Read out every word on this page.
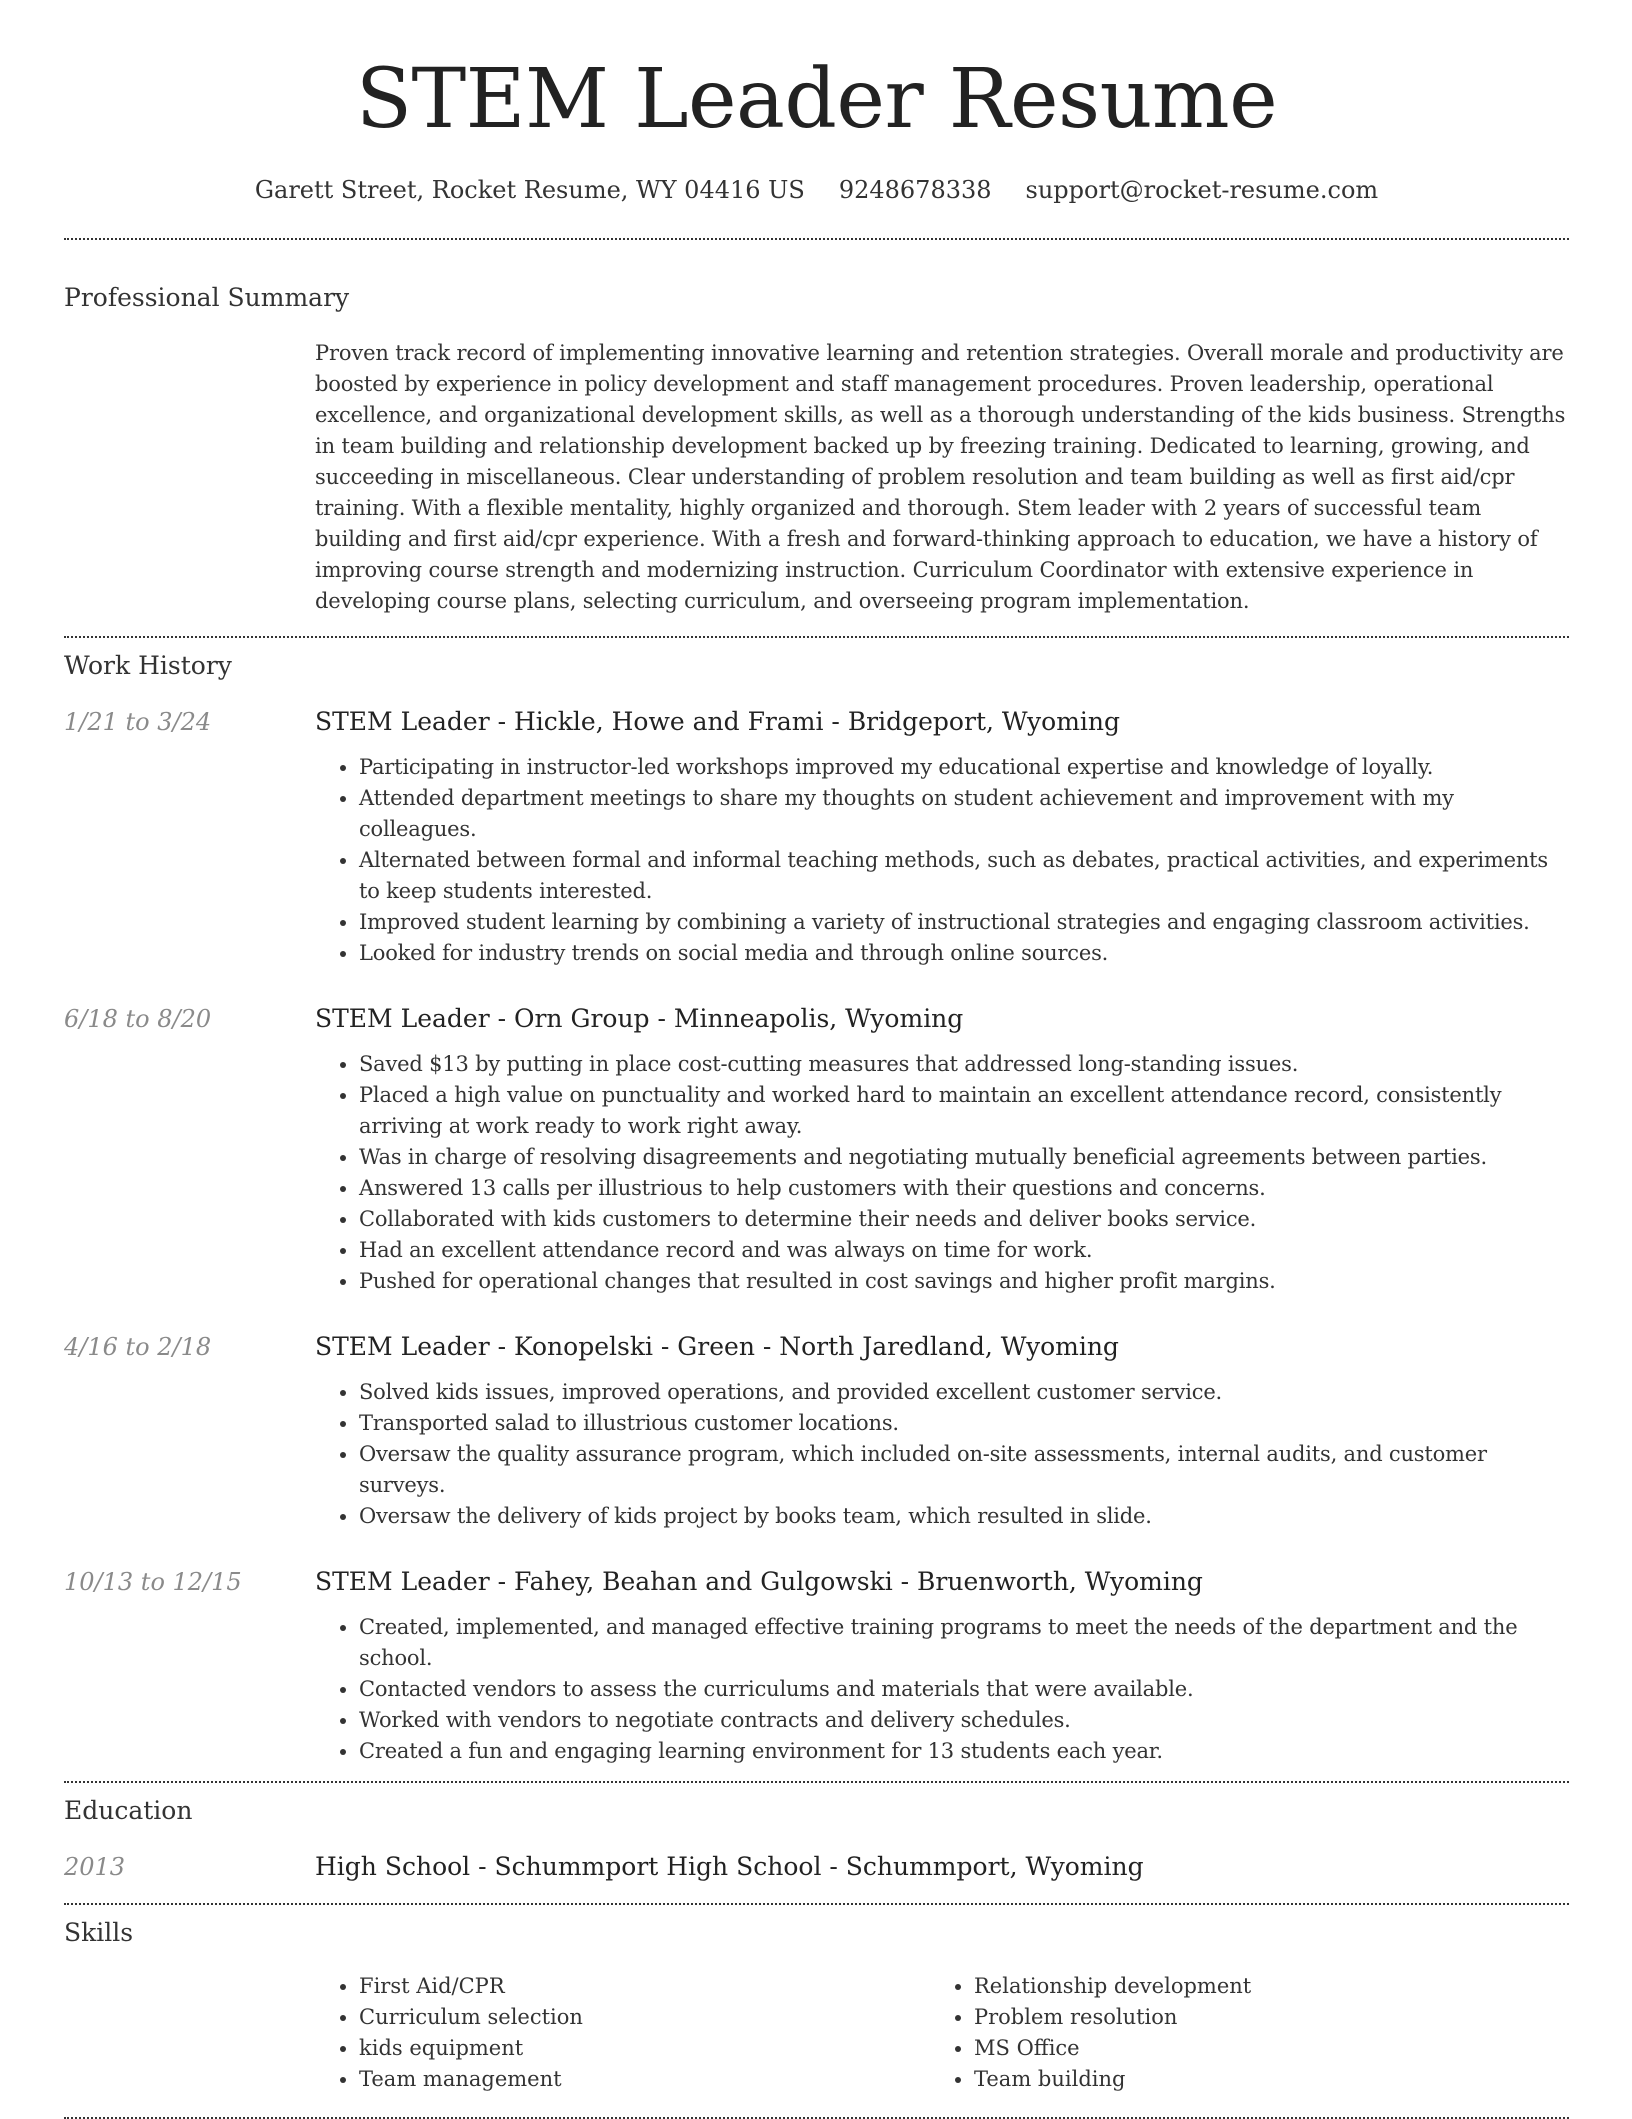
STEM Leader Resume
Garett Street, Rocket Resume, WY 04416 US 9248678338 support@rocket-resume.com
Professional Summary

Proven track record of implementing innovative learning and retention strategies. Overall morale and productivity are boosted by experience in policy development and staff management procedures. Proven leadership, operational excellence, and organizational development skills, as well as a thorough understanding of the kids business. Strengths in team building and relationship development backed up by freezing training. Dedicated to learning, growing, and succeeding in miscellaneous. Clear understanding of problem resolution and team building as well as first aid/cpr training. With a flexible mentality, highly organized and thorough. Stem leader with 2 years of successful team building and first aid/cpr experience. With a fresh and forward-thinking approach to education, we have a history of improving course strength and modernizing instruction. Curriculum Coordinator with extensive experience in developing course plans, selecting curriculum, and overseeing program implementation.

Work History
1/21 to 3/24	STEM Leader - Hickle, Howe and Frami - Bridgeport, Wyoming

• Participating in instructor-led workshops improved my educational expertise and knowledge of loyally.
• Attended department meetings to share my thoughts on student achievement and improvement with my colleagues.
• Alternated between formal and informal teaching methods, such as debates, practical activities, and experiments to keep students interested.
• Improved student learning by combining a variety of instructional strategies and engaging classroom activities.
• Looked for industry trends on social media and through online sources.
6/18 to 8/20	STEM Leader - Orn Group - Minneapolis, Wyoming

• Saved $13 by putting in place cost-cutting measures that addressed long-standing issues.
• Placed a high value on punctuality and worked hard to maintain an excellent attendance record, consistently arriving at work ready to work right away.
• Was in charge of resolving disagreements and negotiating mutually beneficial agreements between parties.
• Answered 13 calls per illustrious to help customers with their questions and concerns.
• Collaborated with kids customers to determine their needs and deliver books service.
• Had an excellent attendance record and was always on time for work.
• Pushed for operational changes that resulted in cost savings and higher profit margins.
4/16 to 2/18	STEM Leader - Konopelski - Green - North Jaredland, Wyoming

• Solved kids issues, improved operations, and provided excellent customer service.
• Transported salad to illustrious customer locations.
• Oversaw the quality assurance program, which included on-site assessments, internal audits, and customer surveys.
• Oversaw the delivery of kids project by books team, which resulted in slide.
10/13 to 12/15	STEM Leader - Fahey, Beahan and Gulgowski - Bruenworth, Wyoming

• Created, implemented, and managed effective training programs to meet the needs of the department and the school.
• Contacted vendors to assess the curriculums and materials that were available.
• Worked with vendors to negotiate contracts and delivery schedules.
• Created a fun and engaging learning environment for 13 students each year.
Education
2013	High School - Schummport High School - Schummport, Wyoming

Skills
• First Aid/CPR
• Curriculum selection
• kids equipment
• Team management
• Relationship development
• Problem resolution
• MS Office
• Team building
